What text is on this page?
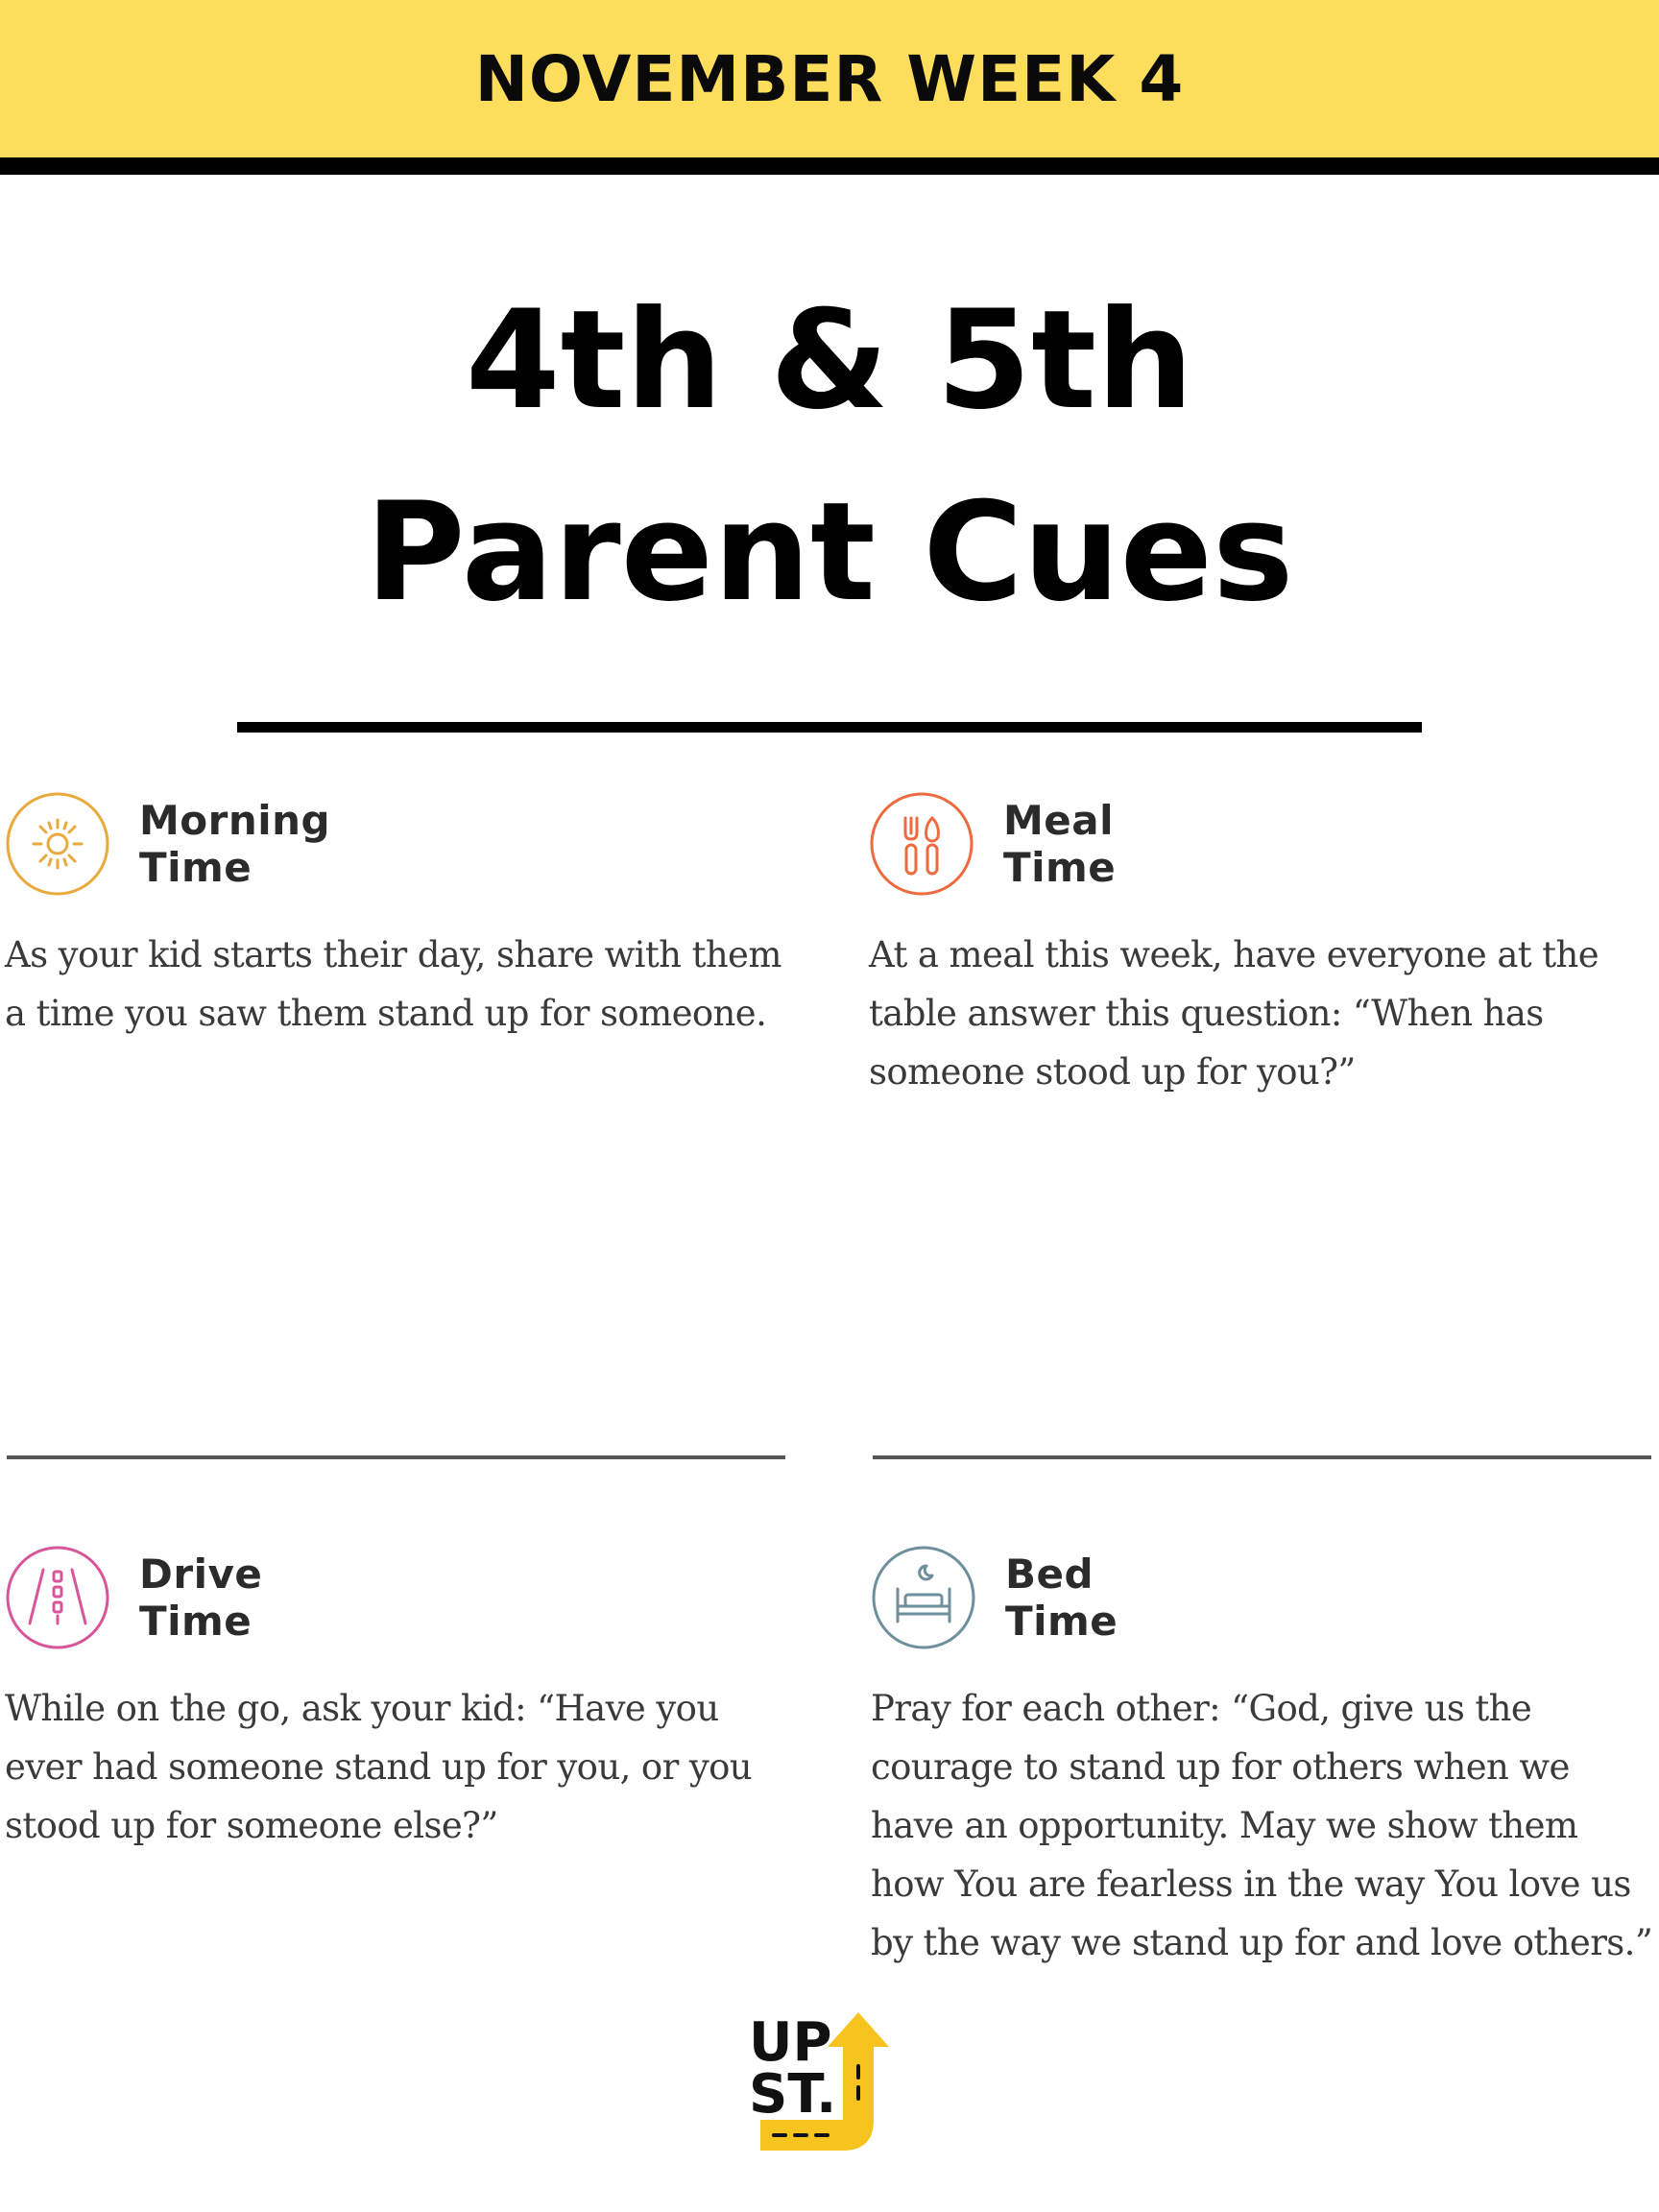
NOVEMBER WEEK 4
4th & 5th
Parent Cues
Morning Time
As your kid starts their day, share with them
a time you saw them stand up for someone.
Meal Time
At a meal this week, have everyone at the
table answer this question: “When has
someone stood up for you?”
Drive Time
While on the go, ask your kid: “Have you
ever had someone stand up for you, or you
stood up for someone else?”
Bed Time
Pray for each other: “God, give us the
courage to stand up for others when we
have an opportunity. May we show them
how You are fearless in the way You love us
by the way we stand up for and love others.”
UP
ST.
